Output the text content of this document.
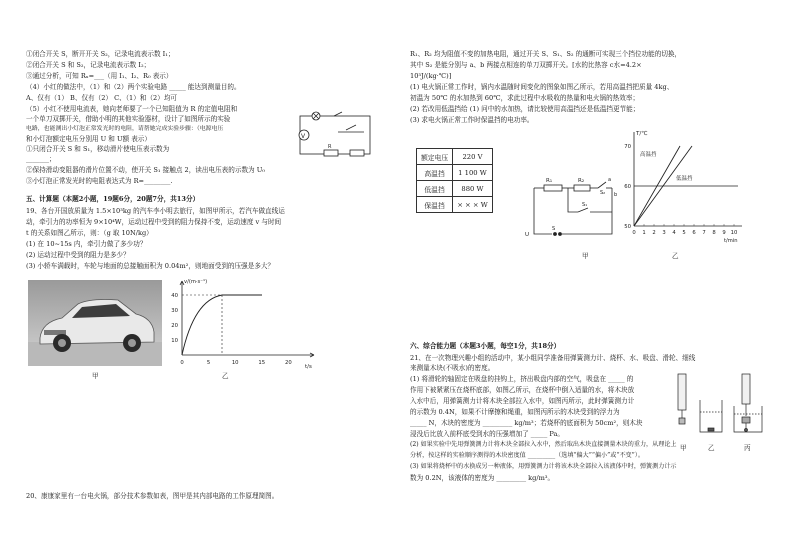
①闭合开关 S，断开开关 S₂，记录电流表示数 I₁；
②闭合开关 S 和 S₂，记录电流表示数 I₂；
③通过分析，可知 Rₓ=___（用 I₁、I₂、R₀ 表示）
（4）小红的做法中，（1）和（2）两个实验电路 _____ 能达到测量目的。
A、仅有（1） B、仅有（2） C、（1）和（2）均可
（5）小红不使用电流表，她向老师要了一个已知阻值为 R 的定值电阻和
一个单刀双掷开关，借助小明的其他实验器材，设计了如图所示的实验
电路，也能测出小灯泡正常发光时的电阻，请帮她完成实验步骤：（电源电压
和小灯泡额定电压分别用 U 和 U额 表示）
①只闭合开关 S 和 S₁，移动滑片使电压表示数为
_______；
②保持滑动变阻器的滑片位置不动，使开关 S₁ 接触点 2，读出电压表的示数为 U₀
③小灯泡正常发光时的电阻表达式为 R=________.
V
R
五、计算题（本题2小题，19题6分，20题7分，共13分）
19、各台开国放质量为 1.5×10³kg 的汽车李小明去旅行，如图甲所示，若汽车做直线运
动，牵引力的功率恒为 9×10⁴W，运动过程中受到的阻力保持不变，运动速度 v 与时间
t 的关系如图乙所示，则：（g 取 10N/kg）
(1) 在 10~15s 内，牵引力做了多少功？
(2) 运动过程中受到的阻力是多少？
(3) 小轿车满载时，车轮与地面的总接触面积为 0.04m²，则地面受到的压强是多大？
甲
10
20
30
40
0	5	10	15	20
v/(m·s⁻¹)
t/s
乙
20、康康家里有一台电火锅，部分技术参数如表，图甲是其内部电路的工作原理简图。
R₁、R₂ 均为阻值不变的加热电阻，通过开关 S、S₁、S₂ 的通断可实现三个挡位功能的切换，
其中 S₂ 是能分别与 a、b 两接点相连的单刀双掷开关。[水的比热容 c水=4.2×
10³J/(kg·℃)]
(1) 电火锅正常工作时，锅内水温随时间变化的图象如图乙所示，若用高温挡把质量 4kg、
初温为 50℃ 的水加热到 60℃，求此过程中水吸收的热量和电火锅的热效率；
(2) 若改用低温挡给 (1) 问中的水加热，请比较使用高温挡还是低温挡更节能；
(3) 求电火锅正常工作时保温挡的电功率。
额定电压	220 V
高温挡	1 100 W
低温挡	880 W
保温挡	× × × W
R₁	R₂	a
b
S₁
S₂
U
S
甲
50
60
70
0 1 2 3 4 5 6 7 8 9 10
T/℃
t/min
高温挡
低温挡
乙
六、综合能力题（本题3小题，每空1分，共18分）
21、在一次物理兴趣小组的活动中，某小组同学准备用弹簧测力计、烧杯、水、吸盘、滑轮、细线
来测量木块(不吸水)的密度。
(1) 将滑轮的轴固定在吸盘的挂钩上，挤出吸盘内部的空气，吸盘在 _____ 的
作用下被紧紧压在烧杯底部，如图乙所示，在烧杯中倒入适量的水，将木块放
入水中后，用弹簧测力计将木块全部拉入水中，如图丙所示，此时弹簧测力计
的示数为 0.4N，如果不计摩擦和绳重，如图丙所示的木块受到的浮力为
_____ N，木块的密度为 _________ kg/m³；若烧杯的底面积为 50cm²，则木块
浸没后比放入前杯底受到水的压强增加了 _____ Pa。
(2) 如果实验中先用弹簧测力计将木块全部拉入水中，然后取出木块直接测量木块的重力，从理论上
分析，按这样的实验顺序测得的木块密度值 _________（选填“偏大”“偏小”或“不变”）。
(3) 如果将烧杯中的水换成另一种液体，用弹簧测力计将该木块全部拉入该液体中时，弹簧测力计示
数为 0.2N，该液体的密度为 _________ kg/m³。
甲	乙	丙
